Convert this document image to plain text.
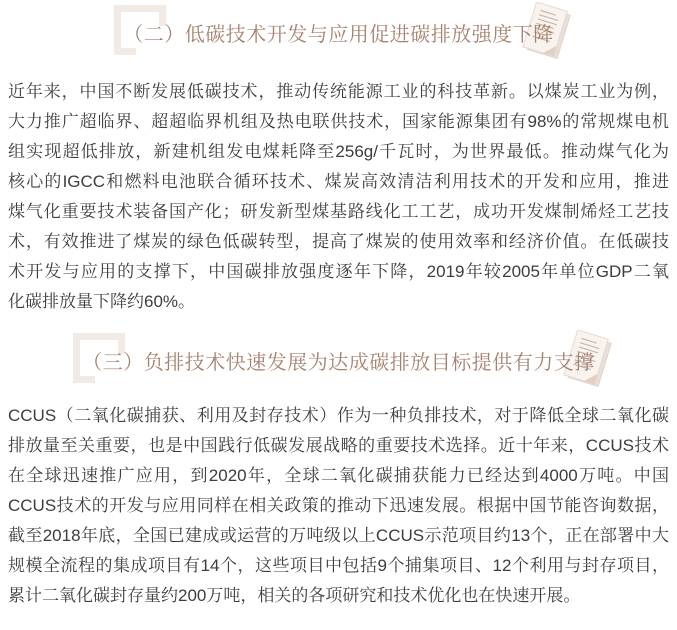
（二）低碳技术开发与应用促进碳排放强度下降
近年来，中国不断发展低碳技术，推动传统能源工业的科技革新。以煤炭工业为例，
大力推广超临界、超超临界机组及热电联供技术，国家能源集团有98%的常规煤电机
组实现超低排放，新建机组发电煤耗降至256g/千瓦时，为世界最低。推动煤气化为
核心的IGCC和燃料电池联合循环技术、煤炭高效清洁利用技术的开发和应用，推进
煤气化重要技术装备国产化；研发新型煤基路线化工工艺，成功开发煤制烯烃工艺技
术，有效推进了煤炭的绿色低碳转型，提高了煤炭的使用效率和经济价值。在低碳技
术开发与应用的支撑下，中国碳排放强度逐年下降，2019年较2005年单位GDP二氧
化碳排放量下降约60%。
（三）负排技术快速发展为达成碳排放目标提供有力支撑
CCUS（二氧化碳捕获、利用及封存技术）作为一种负排技术，对于降低全球二氧化碳
排放量至关重要，也是中国践行低碳发展战略的重要技术选择。近十年来，CCUS技术
在全球迅速推广应用，到2020年，全球二氧化碳捕获能力已经达到4000万吨。中国
CCUS技术的开发与应用同样在相关政策的推动下迅速发展。根据中国节能咨询数据，
截至2018年底，全国已建成或运营的万吨级以上CCUS示范项目约13个，正在部署中大
规模全流程的集成项目有14个，这些项目中包括9个捕集项目、12个利用与封存项目，
累计二氧化碳封存量约200万吨，相关的各项研究和技术优化也在快速开展。
